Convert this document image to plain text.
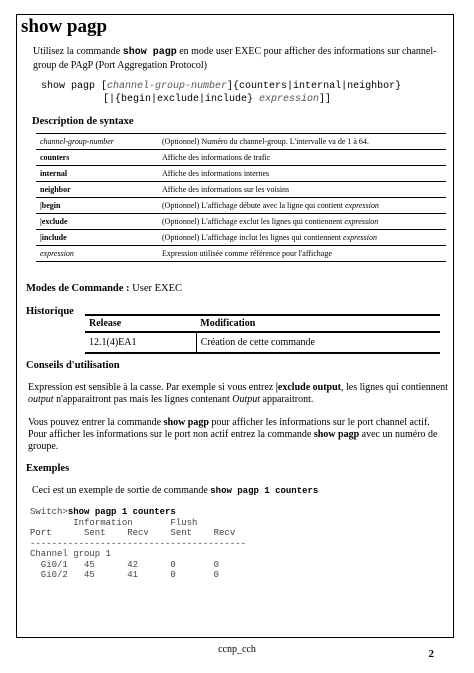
show pagp
Utilisez la commande show pagp en mode user EXEC pour afficher des informations sur channel-group de PAgP (Port Aggregation Protocol)
show pagp [channel-group-number]{counters|internal|neighbor}
[|{begin|exclude|include} expression]]
Description de syntaxe
channel-group-number	(Optionnel) Numéro du channel-group. L'intervalle va de 1 à 64.
counters	Affiche des informations de trafic
internal	Affiche des informations internes
neighbor	Affiche des informations sur les voisins
|begin	(Optionnel) L'affichage débute avec la ligne qui contient expression
|exclude	(Optionnel) L'affichage exclut les lignes qui contiennent expression
|include	(Optionnel) L'affichage inclut les lignes qui contiennent expression
expression	Expression utilisée comme référence pour l'affichage
Modes de Commande : User EXEC
Historique
Release	Modification
12.1(4)EA1	Création de cette commande
Conseils d'utilisation
Expression est sensible à la casse. Par exemple si vous entrez |exclude output, les lignes qui contiennent output n'apparaitront pas mais les lignes contenant Output apparaitront.
Vous pouvez entrer la commande show pagp pour afficher les informations sur le port channel actif. Pour afficher les informations sur le port non actif entrez la commande show pagp avec un numéro de groupe.
Exemples
Ceci est un exemple de sortie de commande show pagp 1 counters
Switch>show pagp 1 counters
Information       Flush
Port      Sent    Recv    Sent    Recv
----------------------------------------
Channel group 1
Gi0/1   45      42      0       0
Gi0/2   45      41      0       0
ccnp_cch	2
